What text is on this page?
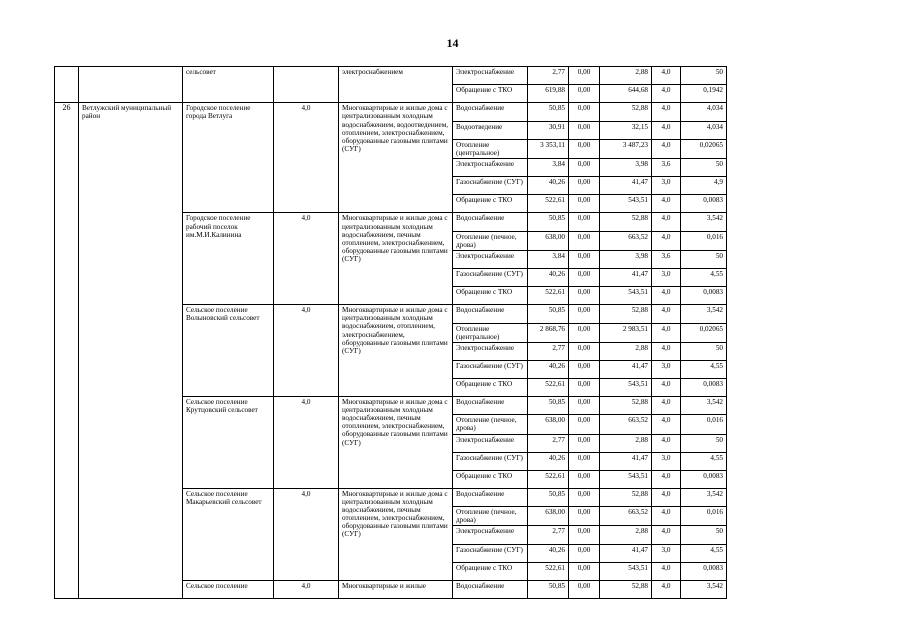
14
		сельсовет		электроснабжением	Электроснабжение	2,77	0,00	2,88	4,0	50
					Обращение с ТКО	619,88	0,00	644,68	4,0	0,1942
26	Ветлужский муниципальный район	Городское поселение города Ветлуга	4,0	Многоквартирные и жилые дома с централизованным холодным водоснабжением, водоотведением, отоплением, электроснабжением, оборудованные газовыми плитами (СУГ)	Водоснабжение	50,85	0,00	52,88	4,0	4,034
					Водоотведение	30,91	0,00	32,15	4,0	4,034
					Отопление (центральное)	3 353,11	0,00	3 487,23	4,0	0,02065
					Электроснабжение	3,84	0,00	3,98	3,6	50
					Газоснабжение (СУГ)	40,26	0,00	41,47	3,0	4,9
					Обращение с ТКО	522,61	0,00	543,51	4,0	0,0083
		Городское поселение рабочий поселок им.М.И.Калинина	4,0	Многоквартирные и жилые дома с централизованным холодным водоснабжением, печным отоплением, электроснабжением, оборудованные газовыми плитами (СУГ)	Водоснабжение	50,85	0,00	52,88	4,0	3,542
					Отопление (печное, дрова)	638,00	0,00	663,52	4,0	0,016
					Электроснабжение	3,84	0,00	3,98	3,6	50
					Газоснабжение (СУГ)	40,26	0,00	41,47	3,0	4,55
					Обращение с ТКО	522,61	0,00	543,51	4,0	0,0083
		Сельское поселение Волыновский сельсовет	4,0	Многоквартирные и жилые дома с централизованным холодным водоснабжением, отоплением, электроснабжением, оборудованные газовыми плитами (СУГ)	Водоснабжение	50,85	0,00	52,88	4,0	3,542
					Отопление (центральное)	2 868,76	0,00	2 983,51	4,0	0,02065
					Электроснабжение	2,77	0,00	2,88	4,0	50
					Газоснабжение (СУГ)	40,26	0,00	41,47	3,0	4,55
					Обращение с ТКО	522,61	0,00	543,51	4,0	0,0083
		Сельское поселение Крутцовский сельсовет	4,0	Многоквартирные и жилые дома с централизованным холодным водоснабжением, печным отоплением, электроснабжением, оборудованные газовыми плитами (СУГ)	Водоснабжение	50,85	0,00	52,88	4,0	3,542
					Отопление (печное, дрова)	638,00	0,00	663,52	4,0	0,016
					Электроснабжение	2,77	0,00	2,88	4,0	50
					Газоснабжение (СУГ)	40,26	0,00	41,47	3,0	4,55
					Обращение с ТКО	522,61	0,00	543,51	4,0	0,0083
		Сельское поселение Макарьевский сельсовет	4,0	Многоквартирные и жилые дома с централизованным холодным водоснабжением, печным отоплением, электроснабжением, оборудованные газовыми плитами (СУГ)	Водоснабжение	50,85	0,00	52,88	4,0	3,542
					Отопление (печное, дрова)	638,00	0,00	663,52	4,0	0,016
					Электроснабжение	2,77	0,00	2,88	4,0	50
					Газоснабжение (СУГ)	40,26	0,00	41,47	3,0	4,55
					Обращение с ТКО	522,61	0,00	543,51	4,0	0,0083
		Сельское поселение	4,0	Многоквартирные и жилые	Водоснабжение	50,85	0,00	52,88	4,0	3,542
